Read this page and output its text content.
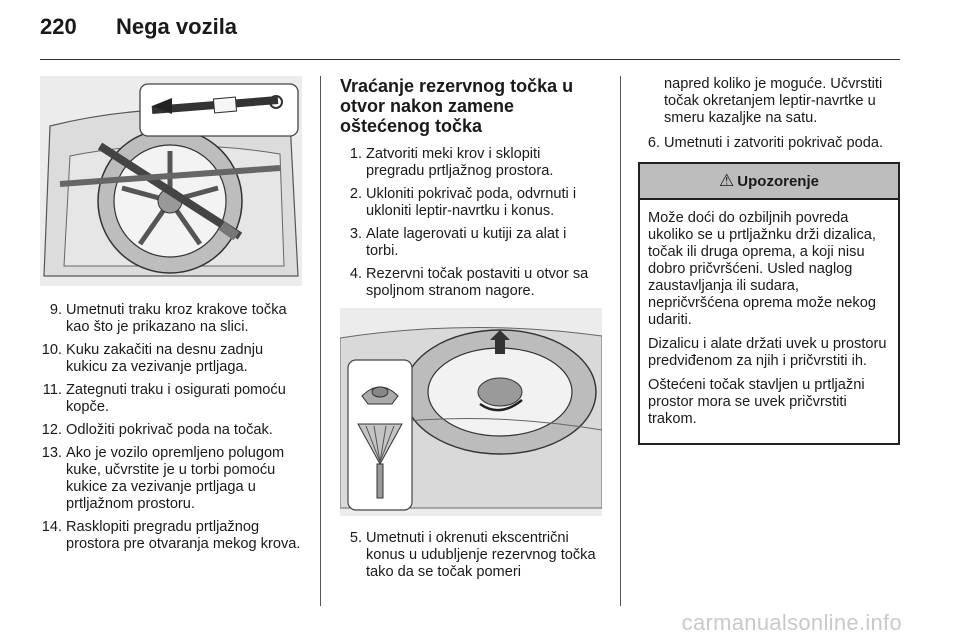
220 Nega vozila
9. Umetnuti traku kroz krakove točka kao što je prikazano na slici.
10. Kuku zakačiti na desnu zadnju kukicu za vezivanje prtljaga.
11. Zategnuti traku i osigurati pomoću kopče.
12. Odložiti pokrivač poda na točak.
13. Ako je vozilo opremljeno polugom kuke, učvrstite je u torbi pomoću kukice za vezivanje prtljaga u prtljažnom prostoru.
14. Rasklopiti pregradu prtljažnog prostora pre otvaranja mekog krova.
Vraćanje rezervnog točka u otvor nakon zamene oštećenog točka
1. Zatvoriti meki krov i sklopiti pregradu prtljažnog prostora.
2. Ukloniti pokrivač poda, odvrnuti i ukloniti leptir-navrtku i konus.
3. Alate lagerovati u kutiji za alat i torbi.
4. Rezervni točak postaviti u otvor sa spoljnom stranom nagore.
5. Umetnuti i okrenuti ekscentrični konus u udubljenje rezervnog točka tako da se točak pomeri

napred koliko je moguće. Učvrstiti točak okretanjem leptir-navrtke u smeru kazaljke na satu.

6. Umetnuti i zatvoriti pokrivač poda.
⚠ Upozorenje

Može doći do ozbiljnih povreda ukoliko se u prtljažnku drži dizalica, točak ili druga oprema, a koji nisu dobro pričvršćeni. Usled naglog zaustavljanja ili sudara, nepričvršćena oprema može nekog udariti.

Dizalicu i alate držati uvek u prostoru predviđenom za njih i pričvrstiti ih.

Oštećeni točak stavljen u prtljažni prostor mora se uvek pričvrstiti trakom.

carmanualsonline.info
